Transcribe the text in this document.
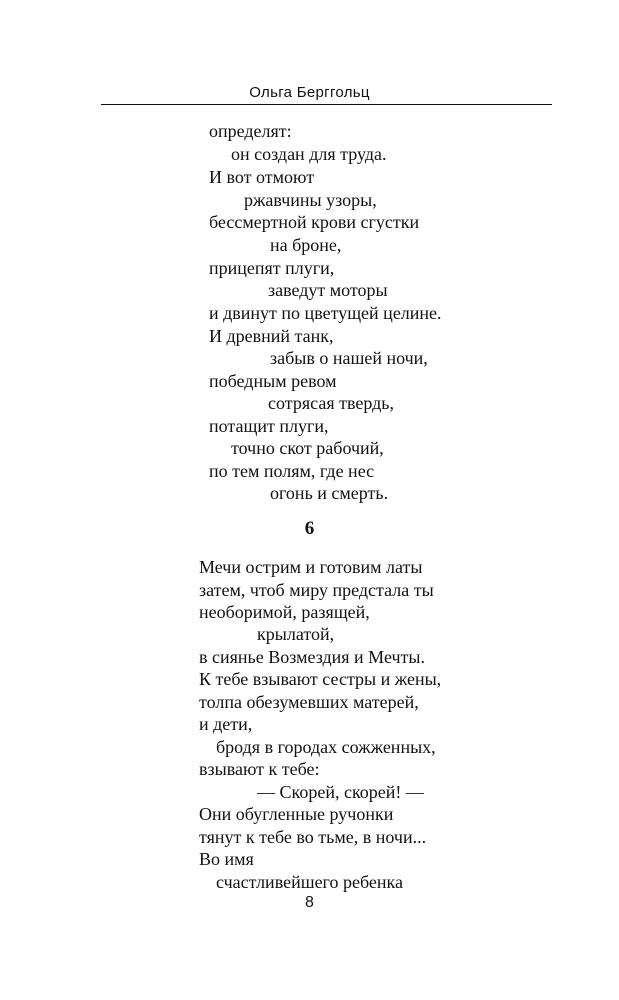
Ольга Берггольц
определят:
он создан для труда.
И вот отмоют
ржавчины узоры,
бессмертной крови сгустки
на броне,
прицепят плуги,
заведут моторы
и двинут по цветущей целине.
И древний танк,
забыв о нашей ночи,
победным ревом
сотрясая твердь,
потащит плуги,
точно скот рабочий,
по тем полям, где нес
огонь и смерть.
6
Мечи острим и готовим латы
затем, чтоб миру предстала ты
необоримой, разящей,
крылатой,
в сиянье Возмездия и Мечты.
К тебе взывают сестры и жены,
толпа обезумевших матерей,
и дети,
бродя в городах сожженных,
взывают к тебе:
— Скорей, скорей! —
Они обугленные ручонки
тянут к тебе во тьме, в ночи...
Во имя
счастливейшего ребенка
8
